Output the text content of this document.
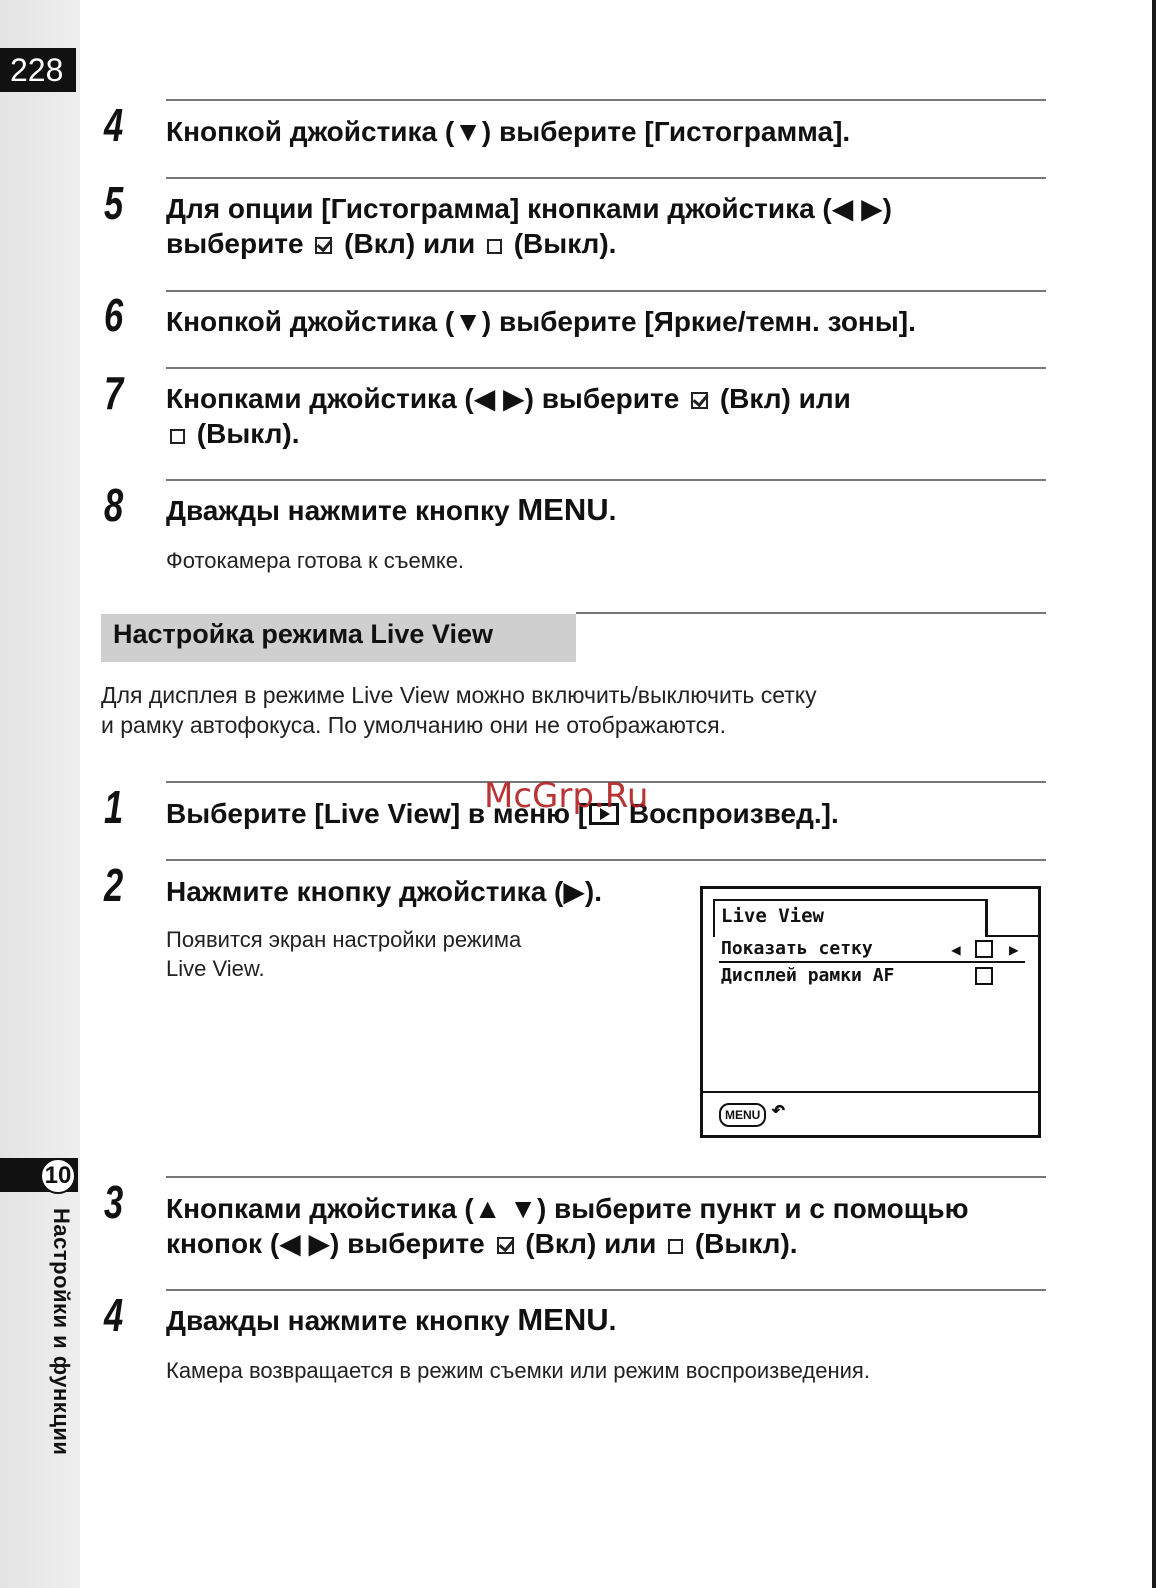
228
10
Настройки и функции
4 Кнопкой джойстика (▼) выберите [Гистограмма].
5 Для опции [Гистограмма] кнопками джойстика (◀ ▶)
выберите (Вкл) или (Выкл).
6 Кнопкой джойстика (▼) выберите [Яркие/темн. зоны].
7 Кнопками джойстика (◀ ▶) выберите (Вкл) или
(Выкл).
8 Дважды нажмите кнопку MENU.
Фотокамера готова к съемке.
Настройка режима Live View
Для дисплея в режиме Live View можно включить/выключить сетку
и рамку автофокуса. По умолчанию они не отображаются.
1 Выберите [Live View] в меню [ Воспроизвед.].
McGrp.Ru
2 Нажмите кнопку джойстика (▶).
Появится экран настройки режима
Live View.
Live View
Показать сетку	◀	▶
Дисплей рамки AF
MENU ↶
3 Кнопками джойстика (▲ ▼) выберите пункт и с помощью
кнопок (◀ ▶) выберите (Вкл) или (Выкл).
4 Дважды нажмите кнопку MENU.
Камера возвращается в режим съемки или режим воспроизведения.
